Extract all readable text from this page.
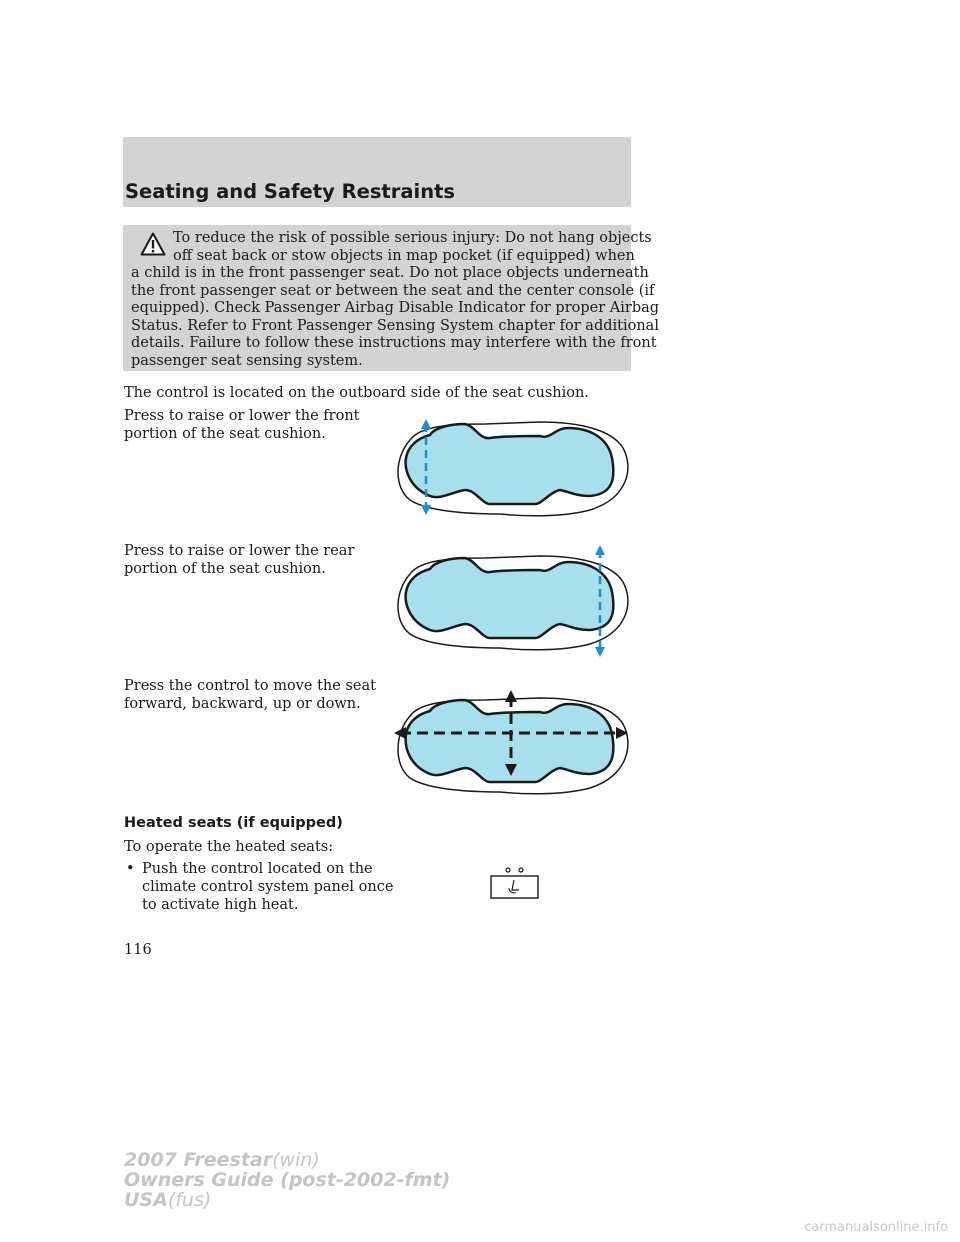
Seating and Safety Restraints
To reduce the risk of possible serious injury: Do not hang objects
off seat back or stow objects in map pocket (if equipped) when
a child is in the front passenger seat. Do not place objects underneath
the front passenger seat or between the seat and the center console (if
equipped). Check Passenger Airbag Disable Indicator for proper Airbag
Status. Refer to Front Passenger Sensing System chapter for additional
details. Failure to follow these instructions may interfere with the front
passenger seat sensing system.
The control is located on the outboard side of the seat cushion.
Press to raise or lower the front
portion of the seat cushion.
Press to raise or lower the rear
portion of the seat cushion.
Press the control to move the seat
forward, backward, up or down.
Heated seats (if equipped)
To operate the heated seats:
• Push the control located on the
climate control system panel once
to activate high heat.
116
2007 Freestar(win)
Owners Guide (post-2002-fmt)
USA(fus)
carmanualsonline.info
